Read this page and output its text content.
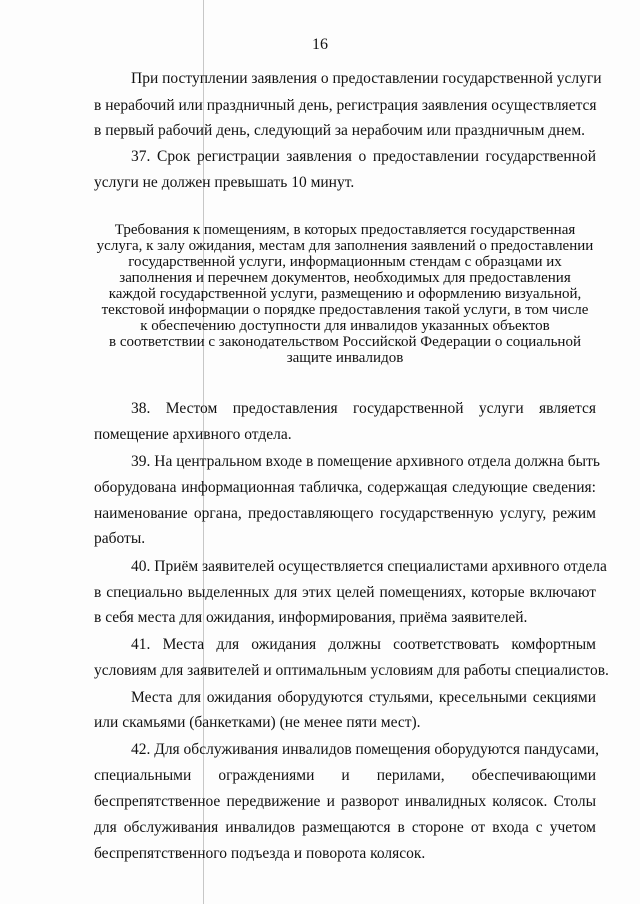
16
При поступлении заявления о предоставлении государственной услуги
в нерабочий или праздничный день, регистрация заявления осуществляется
в первый рабочий день, следующий за нерабочим или праздничным днем.
37. Срок регистрации заявления о предоставлении государственной
услуги не должен превышать 10 минут.
Требования к помещениям, в которых предоставляется государственная
услуга, к залу ожидания, местам для заполнения заявлений о предоставлении
государственной услуги, информационным стендам с образцами их
заполнения и перечнем документов, необходимых для предоставления
каждой государственной услуги, размещению и оформлению визуальной,
текстовой информации о порядке предоставления такой услуги, в том числе
к обеспечению доступности для инвалидов указанных объектов
в соответствии с законодательством Российской Федерации о социальной
защите инвалидов
38. Местом предоставления государственной услуги является
помещение архивного отдела.
39. На центральном входе в помещение архивного отдела должна быть
оборудована информационная табличка, содержащая следующие сведения:
наименование органа, предоставляющего государственную услугу, режим
работы.
40. Приём заявителей осуществляется специалистами архивного отдела
в специально выделенных для этих целей помещениях, которые включают
в себя места для ожидания, информирования, приёма заявителей.
41. Места для ожидания должны соответствовать комфортным
условиям для заявителей и оптимальным условиям для работы специалистов.
Места для ожидания оборудуются стульями, кресельными секциями
или скамьями (банкетками) (не менее пяти мест).
42. Для обслуживания инвалидов помещения оборудуются пандусами,
специальными ограждениями и перилами, обеспечивающими
беспрепятственное передвижение и разворот инвалидных колясок. Столы
для обслуживания инвалидов размещаются в стороне от входа с учетом
беспрепятственного подъезда и поворота колясок.
